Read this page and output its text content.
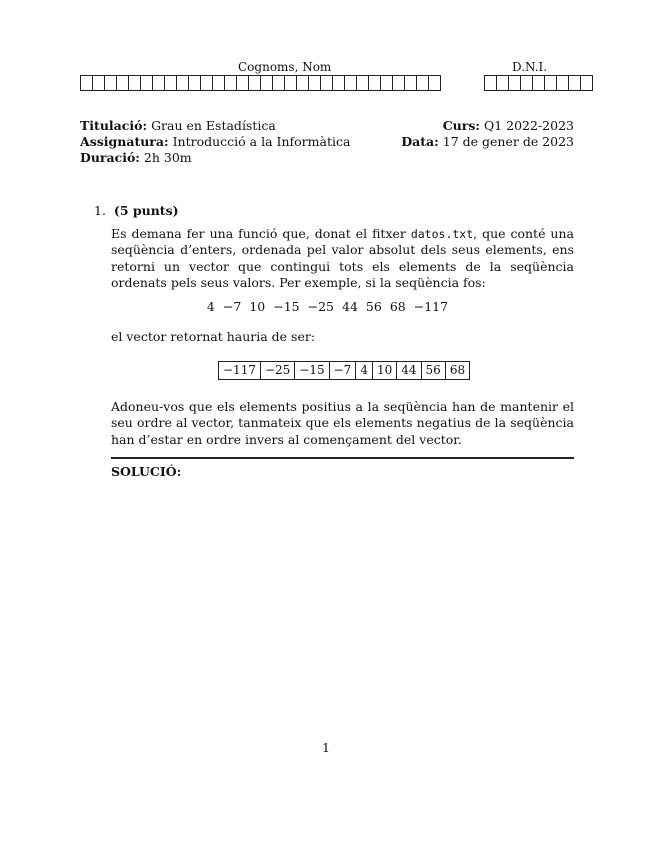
Cognoms, Nom	D.N.I.
Titulació: Grau en Estadística
Assignatura: Introducció a la Informàtica
Duració: 2h 30m
Curs: Q1 2022-2023
Data: 17 de gener de 2023
1. (5 punts)
Es demana fer una funció que, donat el fitxer datos.txt, que conté una seqüència d’enters, ordenada pel valor absolut dels seus elements, ens retorni un vector que contingui tots els elements de la seqüència ordenats pels seus valors. Per exemple, si la seqüència fos:
4 −7 10 −15 −25 44 56 68 −117
el vector retornat hauria de ser:
−117 −25 −15 −7 4 10 44 56 68
Adoneu-vos que els elements positius a la seqüència han de mantenir el seu ordre al vector, tanmateix que els elements negatius de la seqüència han d’estar en ordre invers al començament del vector.
SOLUCIÓ:
1
